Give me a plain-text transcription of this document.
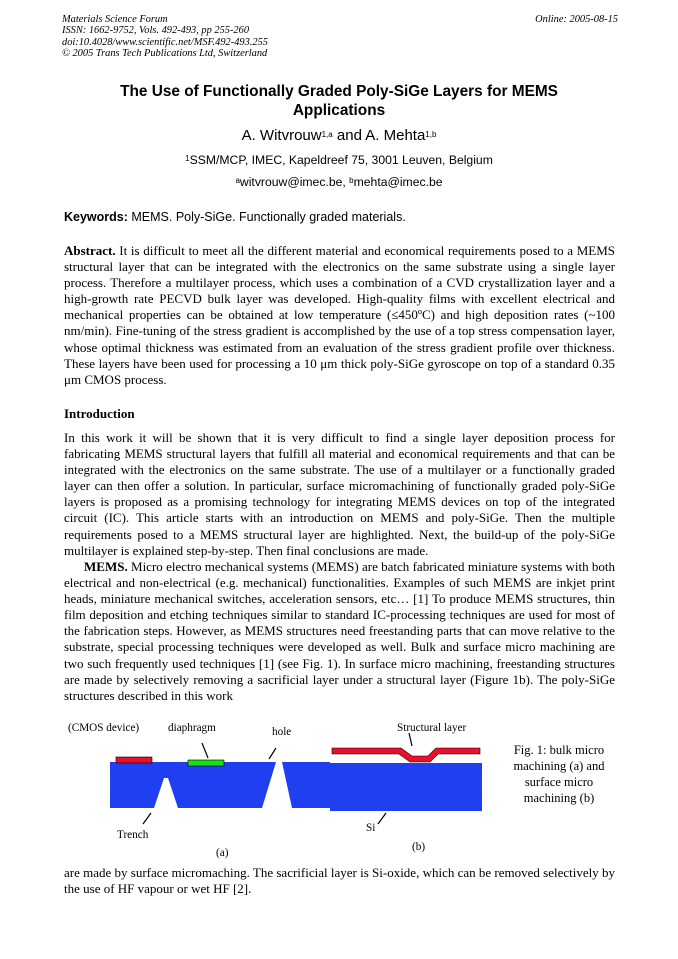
Materials Science Forum
ISSN: 1662-9752, Vols. 492-493, pp 255-260
doi:10.4028/www.scientific.net/MSF.492-493.255
© 2005 Trans Tech Publications Ltd, Switzerland
Online: 2005-08-15
The Use of Functionally Graded Poly-SiGe Layers for MEMS
Applications
A. Witvrouw$^{1,a}$ and A. Mehta$^{1,b}$
$^1$SSM/MCP, IMEC, Kapeldreef 75, 3001 Leuven, Belgium
$^a$witvrouw@imec.be, $^b$mehta@imec.be
Keywords: MEMS. Poly-SiGe. Functionally graded materials.

Abstract. It is difficult to meet all the different material and economical requirements posed to a MEMS structural layer that can be integrated with the electronics on the same substrate using a single layer process. Therefore a multilayer process, which uses a combination of a CVD crystallization layer and a high-growth rate PECVD bulk layer was developed. High-quality films with excellent electrical and mechanical properties can be obtained at low temperature (≤450ºC) and high deposition rates (~100 nm/min). Fine-tuning of the stress gradient is accomplished by the use of a top stress compensation layer, whose optimal thickness was estimated from an evaluation of the stress gradient profile over thickness. These layers have been used for processing a 10 μm thick poly-SiGe gyroscope on top of a standard 0.35 μm CMOS process.

Introduction

In this work it will be shown that it is very difficult to find a single layer deposition process for fabricating MEMS structural layers that fulfill all material and economical requirements and that can be integrated with the electronics on the same substrate. The use of a multilayer or a functionally graded layer can then offer a solution. In particular, surface micromachining of functionally graded poly-SiGe layers is proposed as a promising technology for integrating MEMS devices on top of the integrated circuit (IC). This article starts with an introduction on MEMS and poly-SiGe. Then the multiple requirements posed to a MEMS structural layer are highlighted. Next, the build-up of the poly-SiGe multilayer is explained step-by-step. Then final conclusions are made.

MEMS. Micro electro mechanical systems (MEMS) are batch fabricated miniature systems with both electrical and non-electrical (e.g. mechanical) functionalities. Examples of such MEMS are inkjet print heads, miniature mechanical switches, acceleration sensors, etc… [1] To produce MEMS structures, thin film deposition and etching techniques similar to standard IC-processing techniques are used for most of the fabrication steps. However, as MEMS structures need freestanding parts that can move relative to the substrate, special processing techniques were developed as well. Bulk and surface micro machining are two such frequently used techniques [1] (see Fig. 1). In surface micro machining, freestanding structures are made by selectively removing a sacrificial layer under a structural layer (Figure 1b). The poly-SiGe structures described in this work

(CMOS device)	diaphragm	hole
Trench
(a)
Structural layer
Si
(b)
Fig. 1: bulk micro machining (a) and surface micro machining (b)

are made by surface micromaching. The sacrificial layer is Si-oxide, which can be removed selectively by the use of HF vapour or wet HF [2].
